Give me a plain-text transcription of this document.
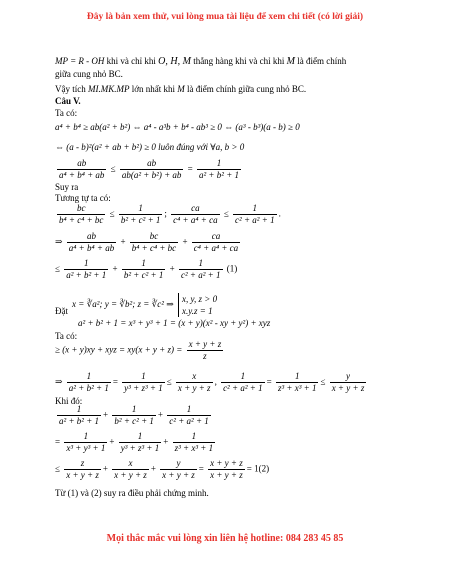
Đây là bản xem thử, vui lòng mua tài liệu để xem chi tiết (có lời giải)
MP = R - OH khi và chỉ khi O, H, M thẳng hàng khi và chỉ khi M là điểm chính
giữa cung nhỏ BC.
Vậy tích MI.MK.MP lớn nhất khi M là điểm chính giữa cung nhỏ BC.
Câu V.
Ta có:
a⁴ + b⁴ ≥ ab(a² + b²) ⇔ a⁴ - a³b + b⁴ - ab³ ≥ 0 ⇔ (a³ - b³)(a - b) ≥ 0
⇔ (a - b)²(a² + ab + b²) ≥ 0 luôn đúng với ∀a, b > 0
$\frac{ab}{\text{a⁴ + b⁴ + ab}} \le \frac{ab}{\text{ab(a² + b²) + ab}} = \frac{1}{\text{a² + b² + 1}}$
Suy ra
Tương tự ta có:
$\frac{bc}{\text{b⁴ + c⁴ + bc}} \le \frac{1}{\text{b² + c² + 1}}$ ; $\frac{ca}{\text{c⁴ + a⁴ + ca}} \le \frac{1}{\text{c² + a² + 1}}$ .
⇒ $\frac{ab}{\text{a⁴ + b⁴ + ab}} + \frac{bc}{\text{b⁴ + c⁴ + bc}} + \frac{ca}{\text{c⁴ + a⁴ + ca}}$
≤ $\frac{1}{\text{a² + b² + 1}} + \frac{1}{\text{b² + c² + 1}} + \frac{1}{\text{c² + a² + 1}} (1)$
x = ∛a²; y = ∛b²; z = ∛c² ⇒
x, y, z > 0
x.y.z = 1
Đặt
a² + b² + 1 = x³ + y³ + 1 = (x + y)(x² - xy + y²) + xyz
Ta có:
≥ (x + y)xy + xyz = $xy(x + y + z) = \frac{x + y + z}{z}$
⇒ $\frac{1}{\text{a² + b² + 1}} = \frac{1}{\text{y³ + z³ + 1}} \le \frac{x}{x + y + z}$ , $\frac{1}{\text{c² + a² + 1}} = \frac{1}{\text{z³ + x³ + 1}} \le \frac{y}{x + y + z}$
Khi đó:
$\frac{1}{\text{a² + b² + 1}} + \frac{1}{\text{b² + c² + 1}} + \frac{1}{\text{c² + a² + 1}}$
= $\frac{1}{\text{x³ + y³ + 1}} + \frac{1}{\text{y³ + z³ + 1}} + \frac{1}{\text{z³ + x³ + 1}}$
≤ $\frac{z}{x + y + z} + \frac{x}{x + y + z} + \frac{y}{x + y + z} = \frac{x + y + z}{x + y + z} = 1(2)$
Từ (1) và (2) suy ra điều phải chứng minh.
Mọi thắc mắc vui lòng xin liên hệ hotline: 084 283 45 85
